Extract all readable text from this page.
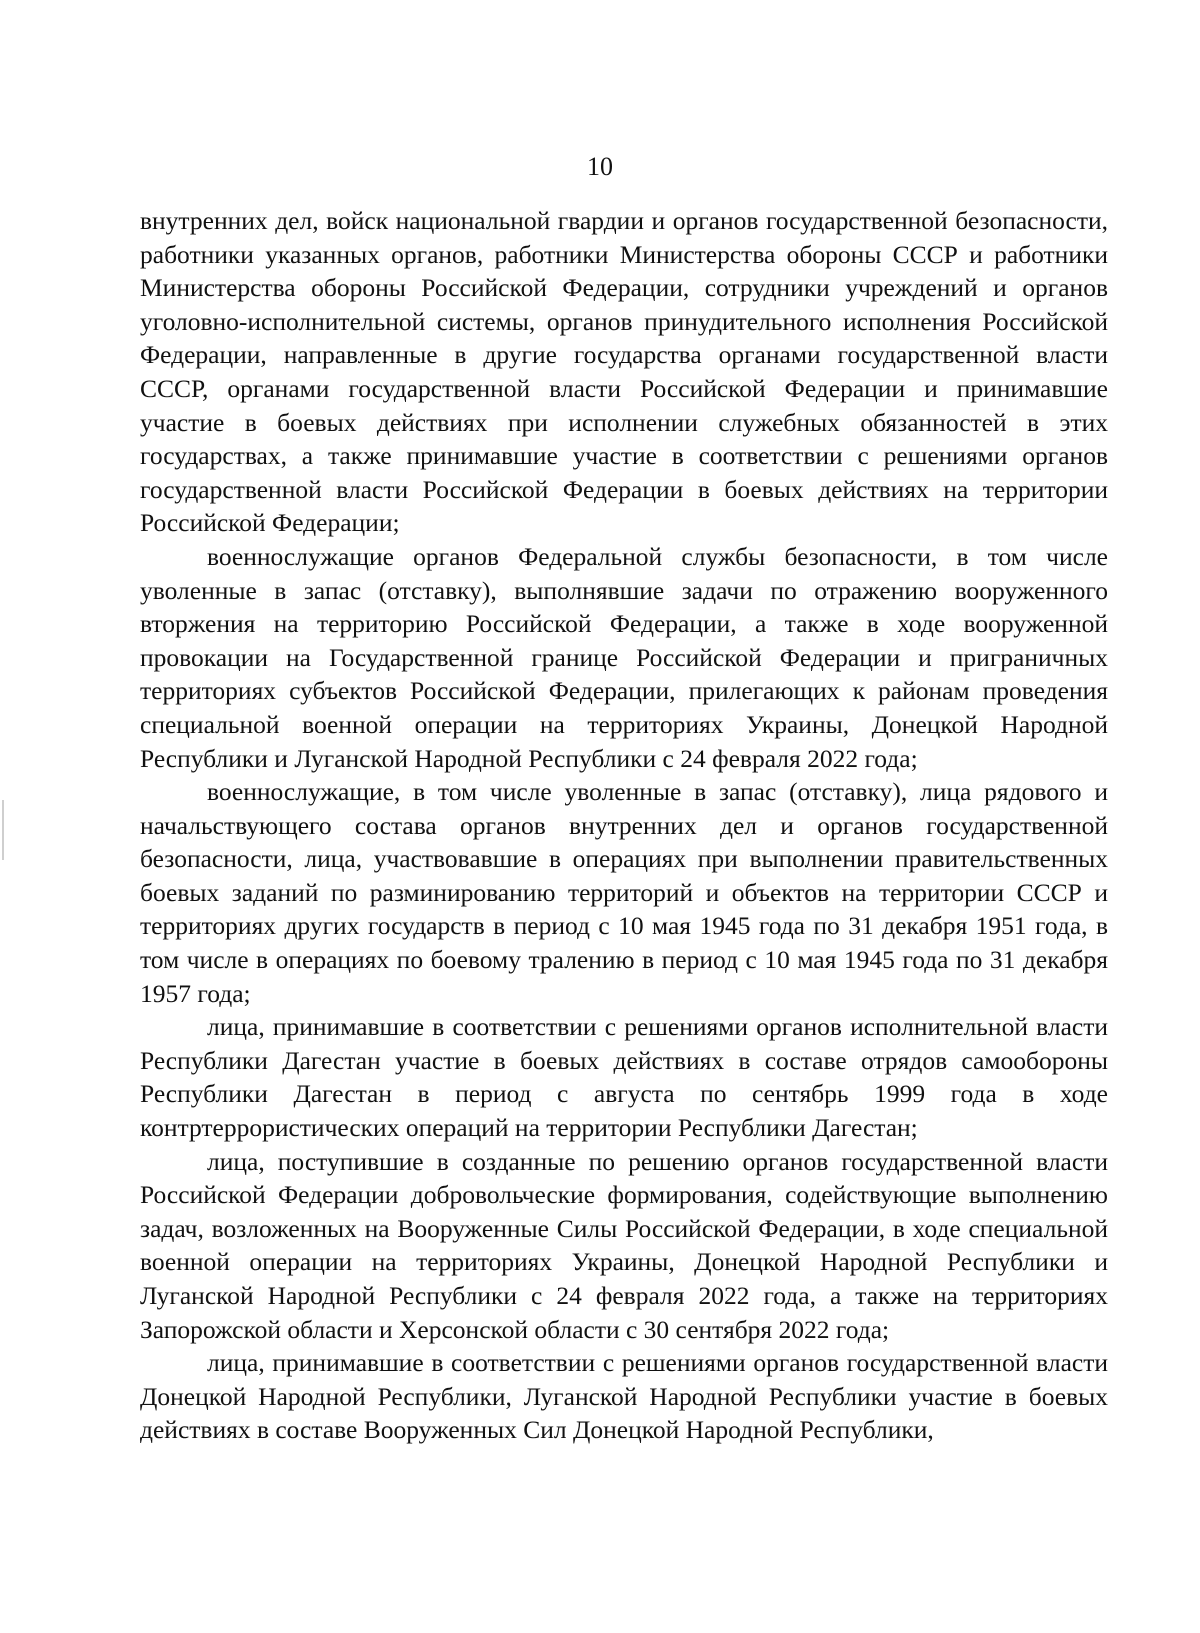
10

внутренних дел, войск национальной гвардии и органов государственной безопасности, работники указанных органов, работники Министерства обороны СССР и работники Министерства обороны Российской Федерации, сотрудники учреждений и органов уголовно-исполнительной системы, органов принудительного исполнения Российской Федерации, направленные в другие государства органами государственной власти СССР, органами государственной власти Российской Федерации и принимавшие участие в боевых действиях при исполнении служебных обязанностей в этих государствах, а также принимавшие участие в соответствии с решениями органов государственной власти Российской Федерации в боевых действиях на территории Российской Федерации;

военнослужащие органов Федеральной службы безопасности, в том числе уволенные в запас (отставку), выполнявшие задачи по отражению вооруженного вторжения на территорию Российской Федерации, а также в ходе вооруженной провокации на Государственной границе Российской Федерации и приграничных территориях субъектов Российской Федерации, прилегающих к районам проведения специальной военной операции на территориях Украины, Донецкой Народной Республики и Луганской Народной Республики с 24 февраля 2022 года;

военнослужащие, в том числе уволенные в запас (отставку), лица рядового и начальствующего состава органов внутренних дел и органов государственной безопасности, лица, участвовавшие в операциях при выполнении правительственных боевых заданий по разминированию территорий и объектов на территории СССР и территориях других государств в период с 10 мая 1945 года по 31 декабря 1951 года, в том числе в операциях по боевому тралению в период с 10 мая 1945 года по 31 декабря 1957 года;

лица, принимавшие в соответствии с решениями органов исполнительной власти Республики Дагестан участие в боевых действиях в составе отрядов самообороны Республики Дагестан в период с августа по сентябрь 1999 года в ходе контртеррористических операций на территории Республики Дагестан;

лица, поступившие в созданные по решению органов государственной власти Российской Федерации добровольческие формирования, содействующие выполнению задач, возложенных на Вооруженные Силы Российской Федерации, в ходе специальной военной операции на территориях Украины, Донецкой Народной Республики и Луганской Народной Республики с 24 февраля 2022 года, а также на территориях Запорожской области и Херсонской области с 30 сентября 2022 года;

лица, принимавшие в соответствии с решениями органов государственной власти Донецкой Народной Республики, Луганской Народной Республики участие в боевых действиях в составе Вооруженных Сил Донецкой Народной Республики,
